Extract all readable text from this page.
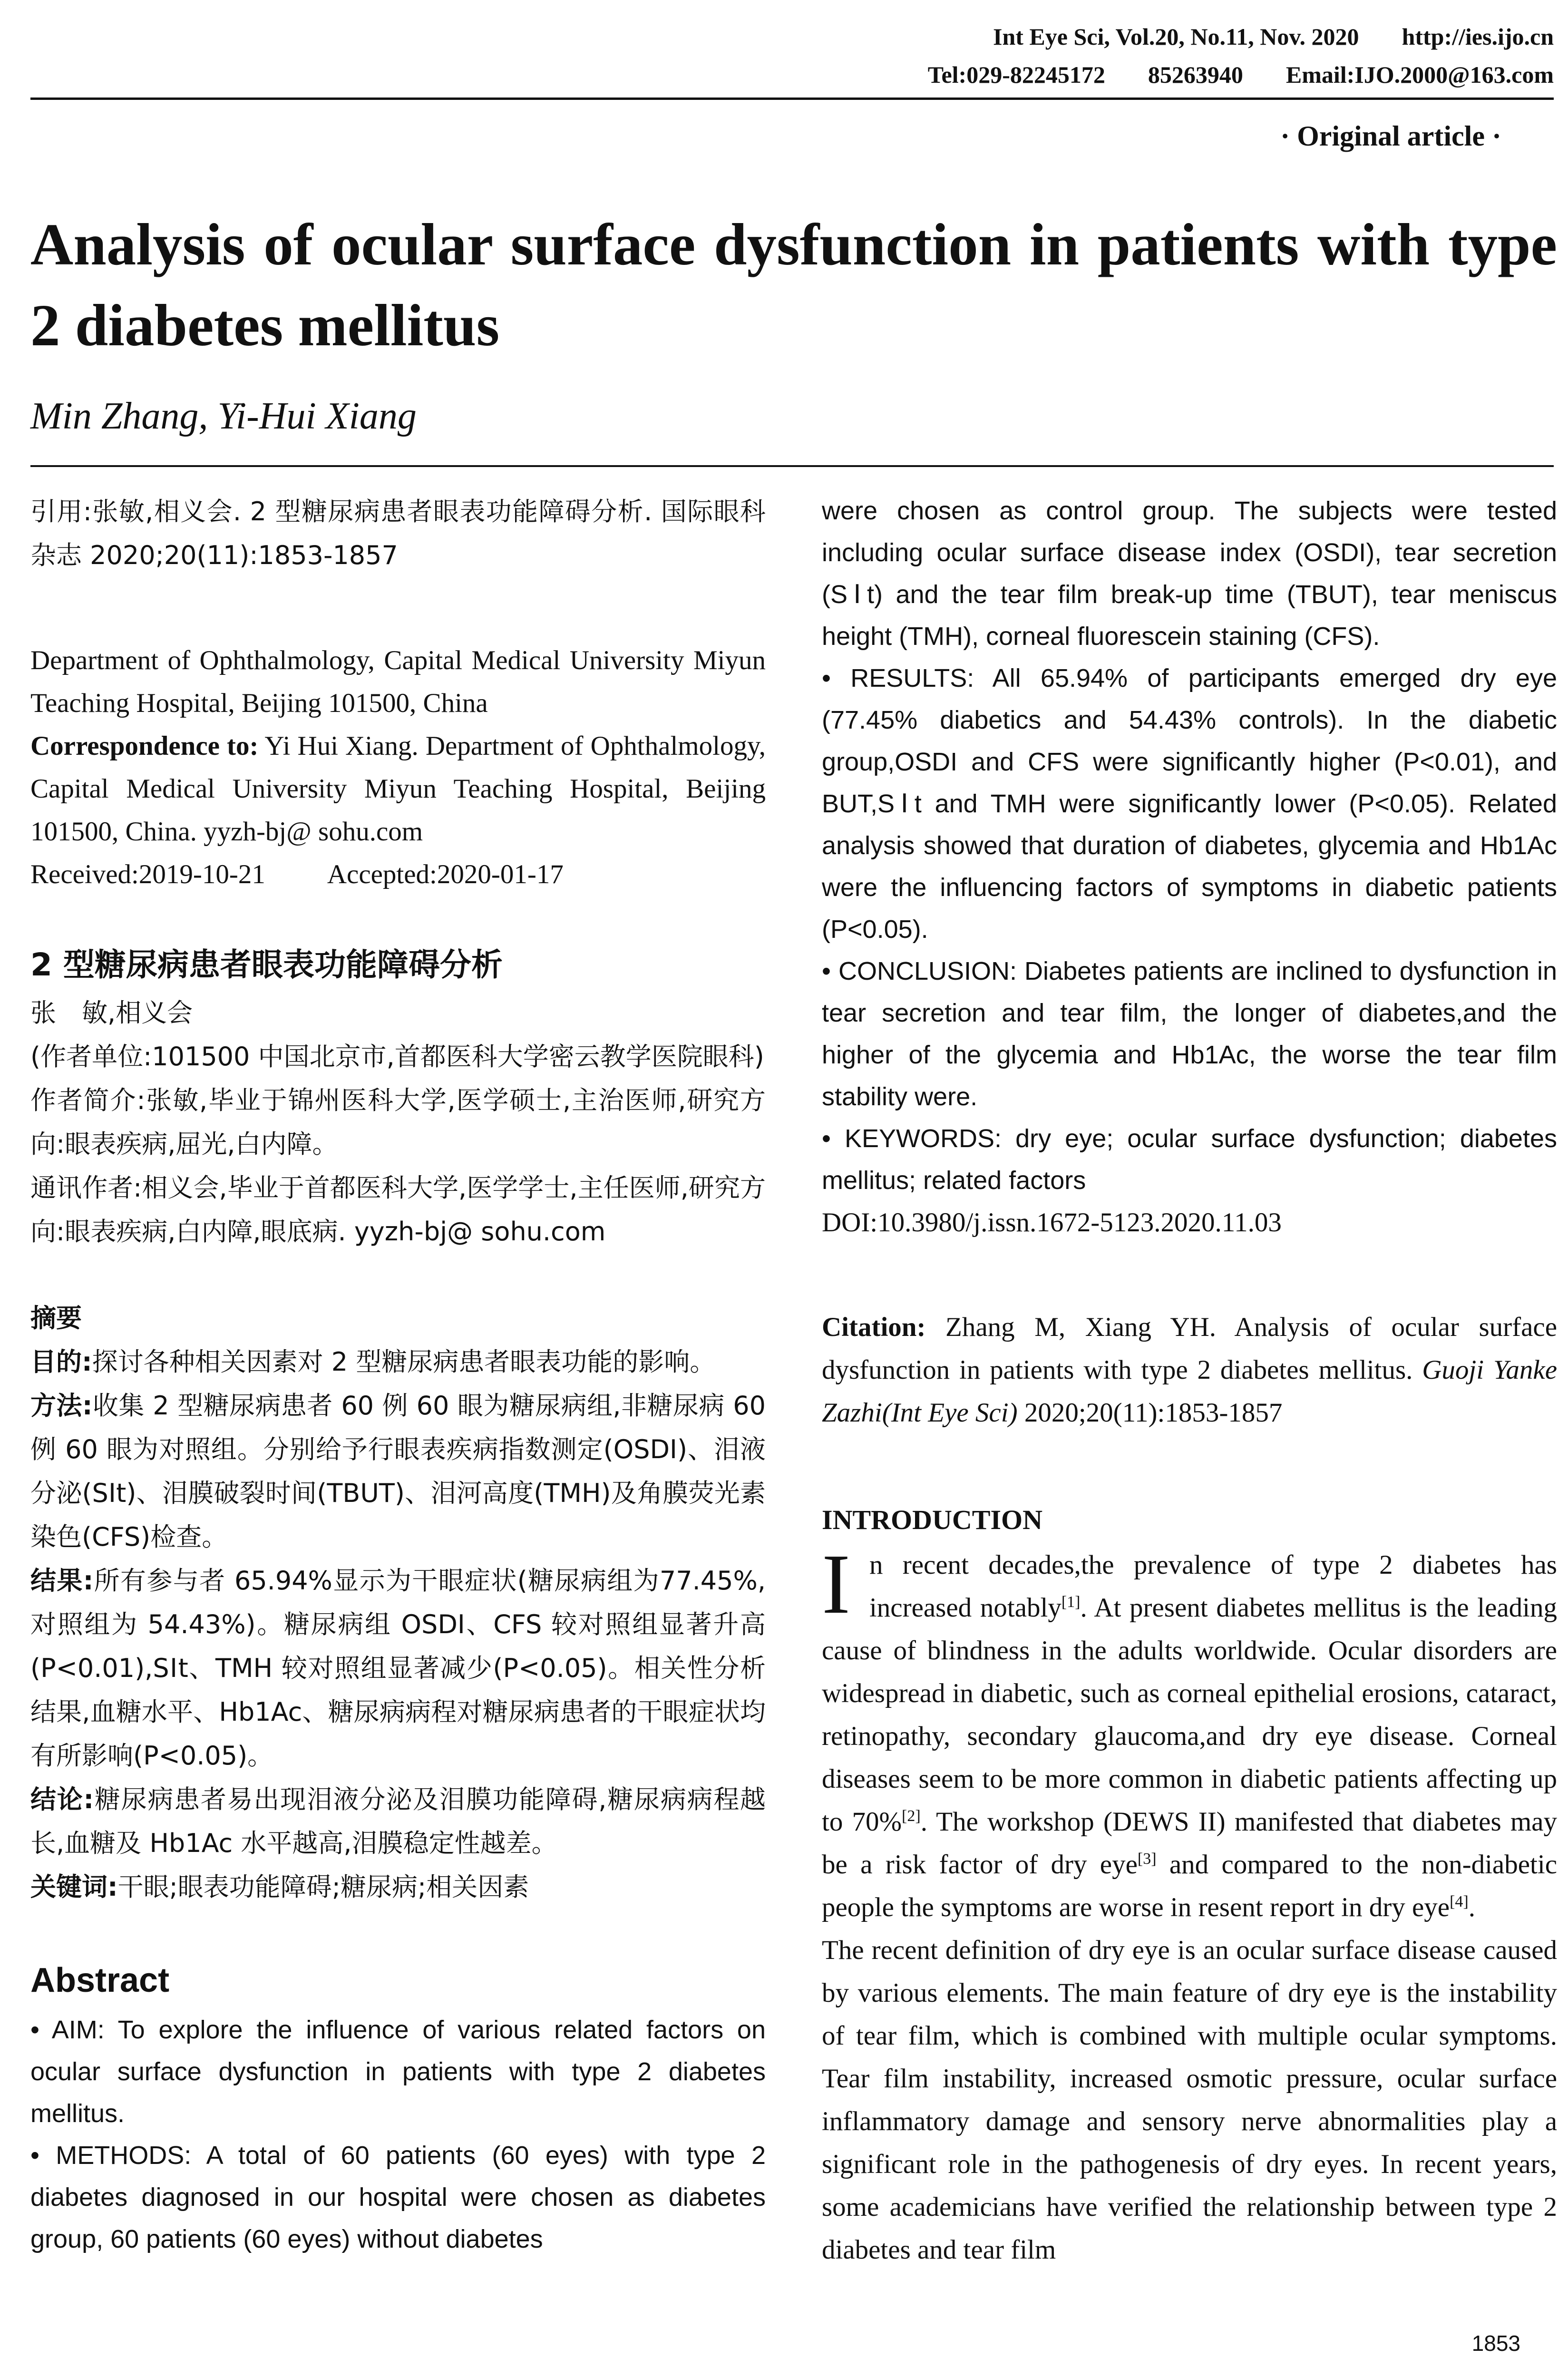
Int Eye Sci, Vol.20, No.11, Nov. 2020 http://ies.ijo.cn
Tel:029-82245172 85263940 Email:IJO.2000@163.com
· Original article ·
Analysis of ocular surface dysfunction in patients with type 2 diabetes mellitus
Min Zhang, Yi-Hui Xiang

引用:张敏,相义会. 2 型糖尿病患者眼表功能障碍分析. 国际眼科杂志 2020;20(11):1853-1857

Department of Ophthalmology, Capital Medical University Miyun Teaching Hospital, Beijing 101500, China

Correspondence to: Yi Hui Xiang. Department of Ophthalmology, Capital Medical University Miyun Teaching Hospital, Beijing 101500, China. yyzh-bj@ sohu.com

Received:2019-10-21 Accepted:2020-01-17

2 型糖尿病患者眼表功能障碍分析

张　敏,相义会

(作者单位:101500 中国北京市,首都医科大学密云教学医院眼科)

作者简介:张敏,毕业于锦州医科大学,医学硕士,主治医师,研究方向:眼表疾病,屈光,白内障。

通讯作者:相义会,毕业于首都医科大学,医学学士,主任医师,研究方向:眼表疾病,白内障,眼底病. yyzh-bj@ sohu.com

摘要

目的:探讨各种相关因素对 2 型糖尿病患者眼表功能的影响。

方法:收集 2 型糖尿病患者 60 例 60 眼为糖尿病组,非糖尿病 60 例 60 眼为对照组。分别给予行眼表疾病指数测定(OSDI)、泪液分泌(SⅠt)、泪膜破裂时间(TBUT)、泪河高度(TMH)及角膜荧光素染色(CFS)检查。

结果:所有参与者 65.94%显示为干眼症状(糖尿病组为77.45%,对照组为 54.43%)。糖尿病组 OSDI、CFS 较对照组显著升高(P<0.01),SⅠt、TMH 较对照组显著减少(P<0.05)。相关性分析结果,血糖水平、Hb1Ac、糖尿病病程对糖尿病患者的干眼症状均有所影响(P<0.05)。

结论:糖尿病患者易出现泪液分泌及泪膜功能障碍,糖尿病病程越长,血糖及 Hb1Ac 水平越高,泪膜稳定性越差。

关键词:干眼;眼表功能障碍;糖尿病;相关因素

Abstract

• AIM: To explore the influence of various related factors on ocular surface dysfunction in patients with type 2 diabetes mellitus.

• METHODS: A total of 60 patients (60 eyes) with type 2 diabetes diagnosed in our hospital were chosen as diabetes group, 60 patients (60 eyes) without diabetes

were chosen as control group. The subjects were tested including ocular surface disease index (OSDI), tear secretion (SⅠt) and the tear film break-up time (TBUT), tear meniscus height (TMH), corneal fluorescein staining (CFS).

• RESULTS: All 65.94% of participants emerged dry eye (77.45% diabetics and 54.43% controls). In the diabetic group,OSDI and CFS were significantly higher (P<0.01), and BUT,SⅠt and TMH were significantly lower (P<0.05). Related analysis showed that duration of diabetes, glycemia and Hb1Ac were the influencing factors of symptoms in diabetic patients (P<0.05).

• CONCLUSION: Diabetes patients are inclined to dysfunction in tear secretion and tear film, the longer of diabetes,and the higher of the glycemia and Hb1Ac, the worse the tear film stability were.

• KEYWORDS: dry eye; ocular surface dysfunction; diabetes mellitus; related factors

DOI:10.3980/j.issn.1672-5123.2020.11.03

Citation: Zhang M, Xiang YH. Analysis of ocular surface dysfunction in patients with type 2 diabetes mellitus. Guoji Yanke Zazhi(Int Eye Sci) 2020;20(11):1853-1857

INTRODUCTION

In recent decades,the prevalence of type 2 diabetes has increased notably[1]. At present diabetes mellitus is the leading cause of blindness in the adults worldwide. Ocular disorders are widespread in diabetic, such as corneal epithelial erosions, cataract, retinopathy, secondary glaucoma,and dry eye disease. Corneal diseases seem to be more common in diabetic patients affecting up to 70%[2]. The workshop (DEWS II) manifested that diabetes may be a risk factor of dry eye[3] and compared to the non-diabetic people the symptoms are worse in resent report in dry eye[4].

The recent definition of dry eye is an ocular surface disease caused by various elements. The main feature of dry eye is the instability of tear film, which is combined with multiple ocular symptoms. Tear film instability, increased osmotic pressure, ocular surface inflammatory damage and sensory nerve abnormalities play a significant role in the pathogenesis of dry eyes. In recent years, some academicians have verified the relationship between type 2 diabetes and tear film

1853
